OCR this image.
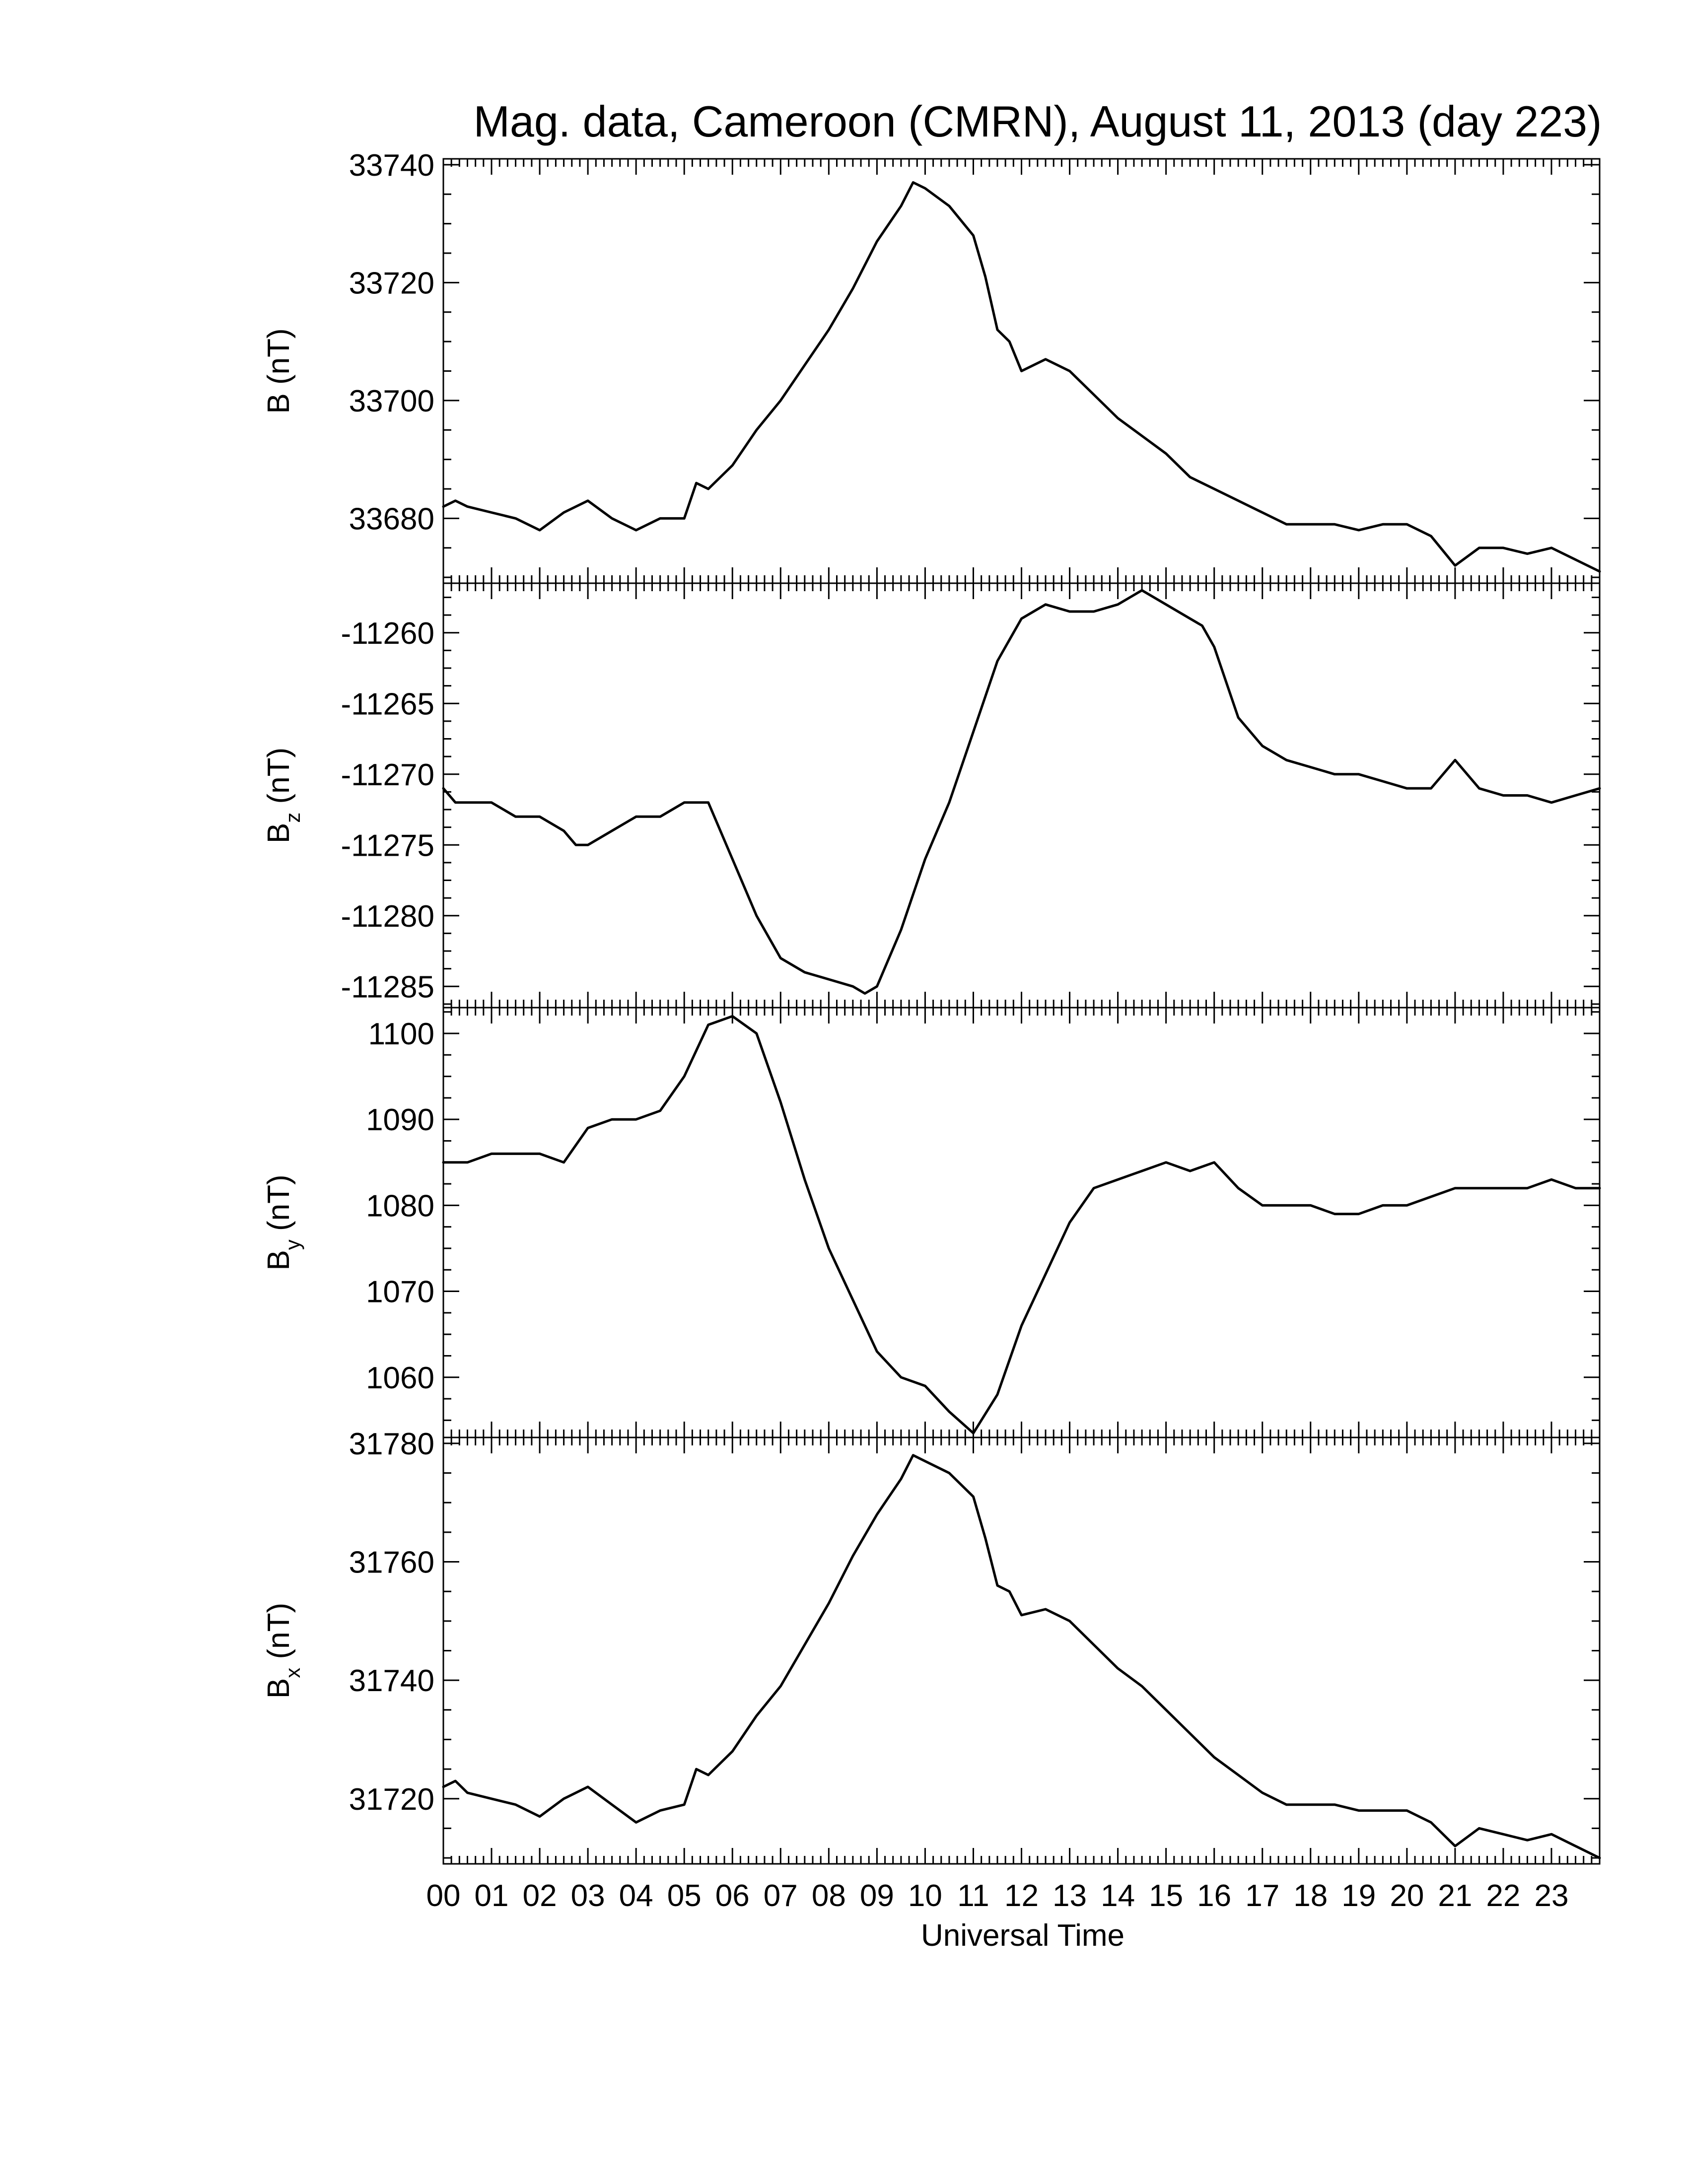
Mag. data, Cameroon (CMRN), August 11, 2013 (day 223)
33680
33700
33720
33740
B (nT)
-11285
-11280
-11275
-11270
-11265
-11260
$B_z$ (nT)
1060
1070
1080
1090
1100
$B_y$ (nT)
31720
31740
31760
31780
$B_x$ (nT)
00 01 02 03 04 05 06 07 08 09 10 11 12 13 14 15 16 17 18 19 20 21 22 23
Universal Time
